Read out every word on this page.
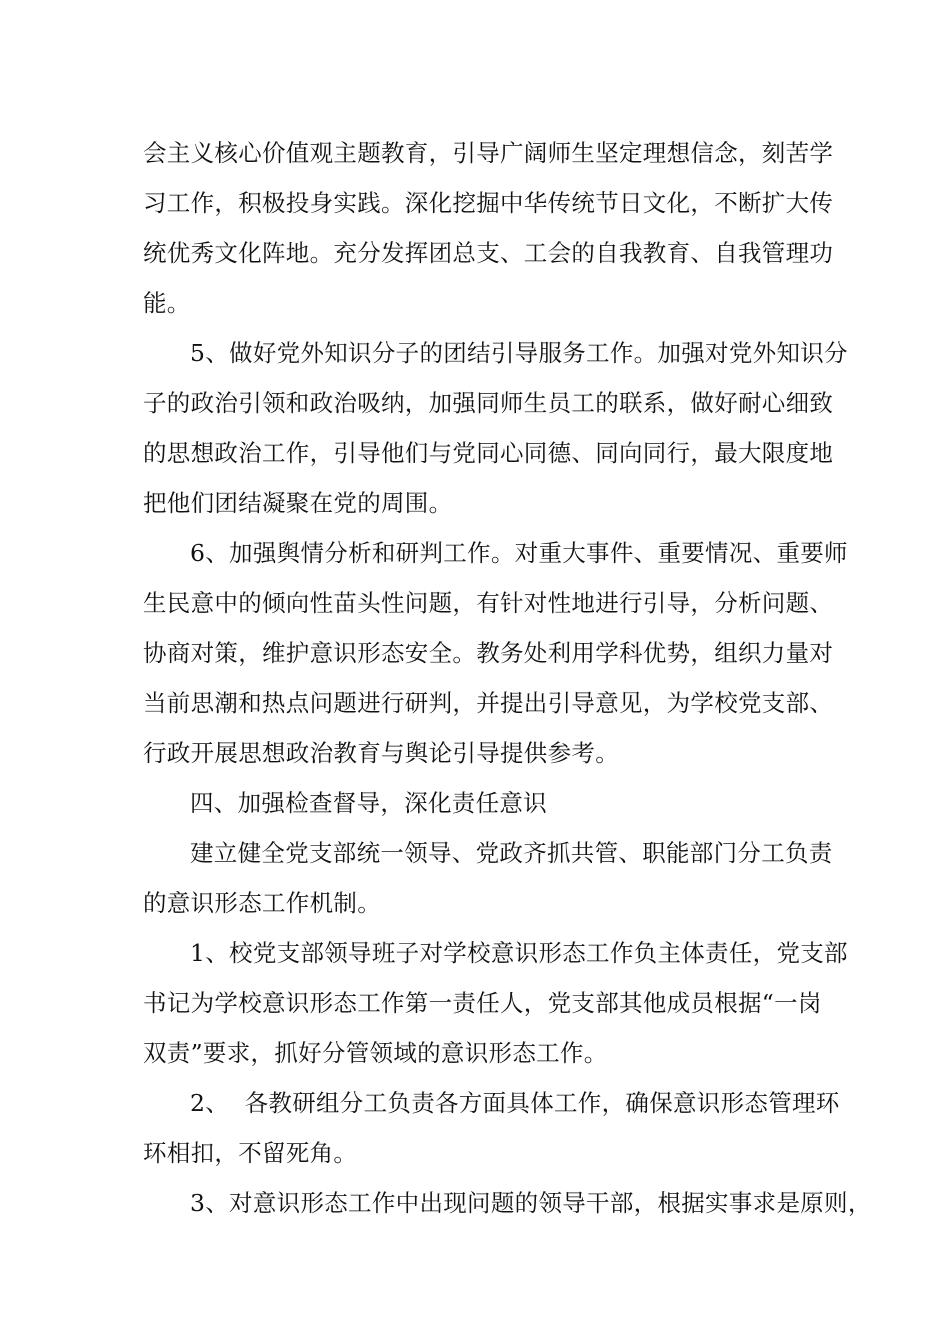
会主义核心价值观主题教育，引导广阔师生坚定理想信念，刻苦学
习工作，积极投身实践。深化挖掘中华传统节日文化，不断扩大传
统优秀文化阵地。充分发挥团总支、工会的自我教育、自我管理功
能。
5、做好党外知识分子的团结引导服务工作。加强对党外知识分
子的政治引领和政治吸纳，加强同师生员工的联系，做好耐心细致
的思想政治工作，引导他们与党同心同德、同向同行，最大限度地
把他们团结凝聚在党的周围。
6、加强舆情分析和研判工作。对重大事件、重要情况、重要师
生民意中的倾向性苗头性问题，有针对性地进行引导，分析问题、
协商对策，维护意识形态安全。教务处利用学科优势，组织力量对
当前思潮和热点问题进行研判，并提出引导意见，为学校党支部、
行政开展思想政治教育与舆论引导提供参考。
四、加强检查督导，深化责任意识
建立健全党支部统一领导、党政齐抓共管、职能部门分工负责
的意识形态工作机制。
1、校党支部领导班子对学校意识形态工作负主体责任，党支部
书记为学校意识形态工作第一责任人，党支部其他成员根据“一岗
双责”要求，抓好分管领域的意识形态工作。
2、  各教研组分工负责各方面具体工作，确保意识形态管理环
环相扣，不留死角。
3、对意识形态工作中出现问题的领导干部，根据实事求是原则，
